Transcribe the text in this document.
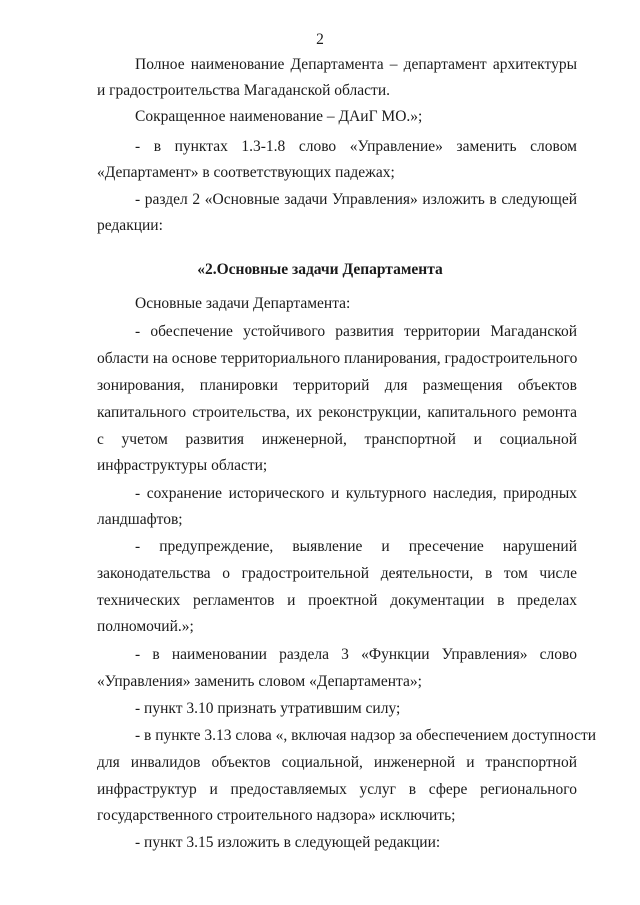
2
Полное наименование Департамента – департамент архитектуры
и градостроительства Магаданской области.
Сокращенное наименование – ДАиГ МО.»;
- в пунктах 1.3-1.8 слово «Управление» заменить словом
«Департамент» в соответствующих падежах;
- раздел 2 «Основные задачи Управления» изложить в следующей
редакции:
«2.Основные задачи Департамента
Основные задачи Департамента:
- обеспечение устойчивого развития территории Магаданской
области на основе территориального планирования, градостроительного
зонирования, планировки территорий для размещения объектов
капитального строительства, их реконструкции, капитального ремонта
с учетом развития инженерной, транспортной и социальной
инфраструктуры области;
- сохранение исторического и культурного наследия, природных
ландшафтов;
- предупреждение, выявление и пресечение нарушений
законодательства о градостроительной деятельности, в том числе
технических регламентов и проектной документации в пределах
полномочий.»;
- в наименовании раздела 3 «Функции Управления» слово
«Управления» заменить словом «Департамента»;
- пункт 3.10 признать утратившим силу;
- в пункте 3.13 слова «, включая надзор за обеспечением доступности
для инвалидов объектов социальной, инженерной и транспортной
инфраструктур и предоставляемых услуг в сфере регионального
государственного строительного надзора» исключить;
- пункт 3.15 изложить в следующей редакции:
